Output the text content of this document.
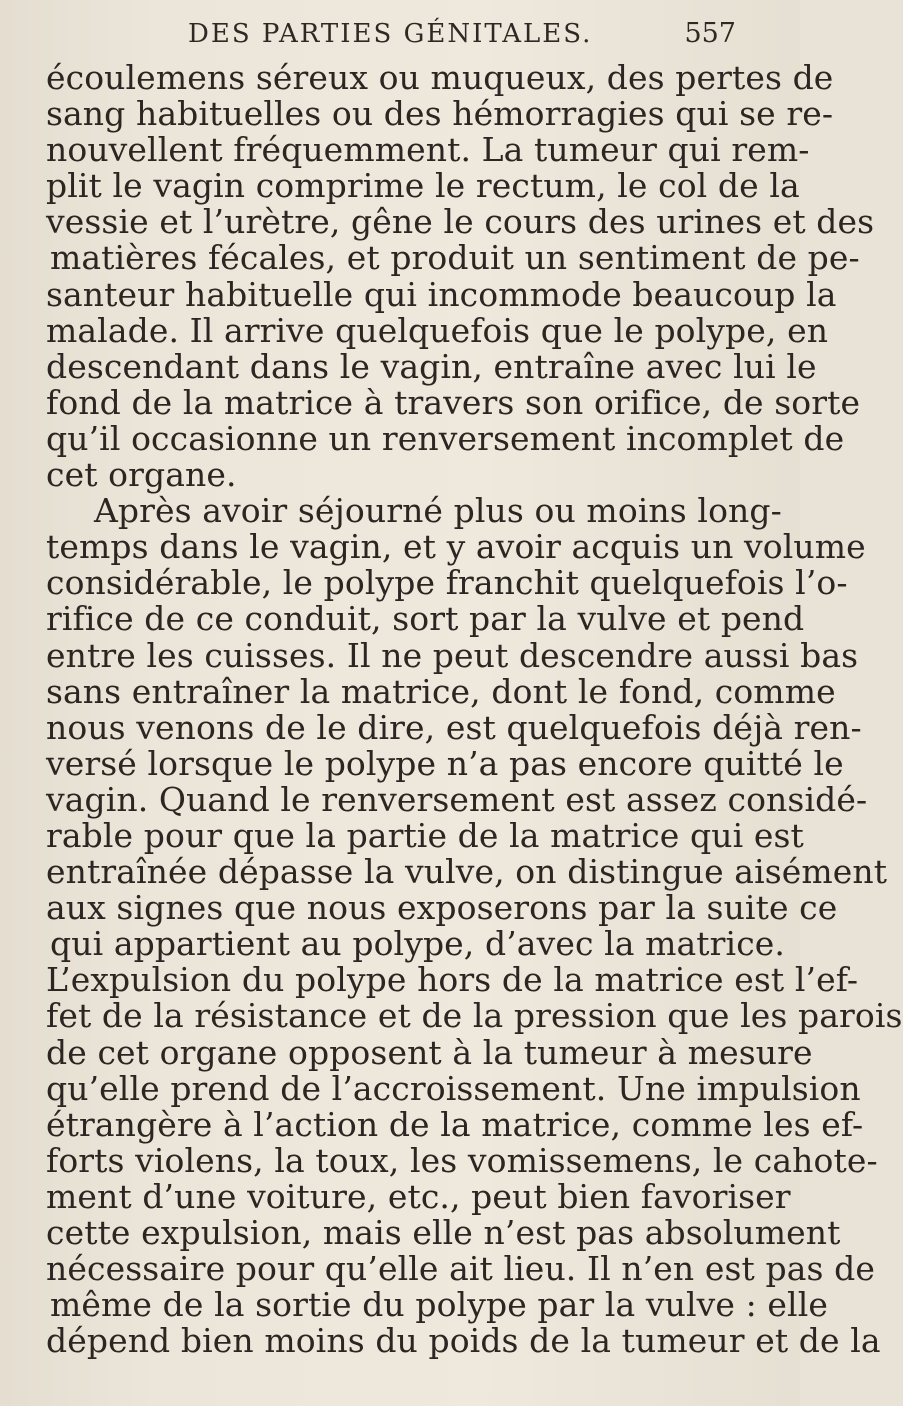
DES PARTIES GÉNITALES.	557
écoulemens séreux ou muqueux, des pertes de
sang habituelles ou des hémorragies qui se re-
nouvellent fréquemment. La tumeur qui rem-
plit le vagin comprime le rectum, le col de la
vessie et l’urètre, gêne le cours des urines et des
matières fécales, et produit un sentiment de pe-
santeur habituelle qui incommode beaucoup la
malade. Il arrive quelquefois que le polype, en
descendant dans le vagin, entraîne avec lui le
fond de la matrice à travers son orifice, de sorte
qu’il occasionne un renversement incomplet de
cet organe.
Après avoir séjourné plus ou moins long-
temps dans le vagin, et y avoir acquis un volume
considérable, le polype franchit quelquefois l’o-
rifice de ce conduit, sort par la vulve et pend
entre les cuisses. Il ne peut descendre aussi bas
sans entraîner la matrice, dont le fond, comme
nous venons de le dire, est quelquefois déjà ren-
versé lorsque le polype n’a pas encore quitté le
vagin. Quand le renversement est assez considé-
rable pour que la partie de la matrice qui est
entraînée dépasse la vulve, on distingue aisément
aux signes que nous exposerons par la suite ce
qui appartient au polype, d’avec la matrice.
L’expulsion du polype hors de la matrice est l’ef-
fet de la résistance et de la pression que les parois
de cet organe opposent à la tumeur à mesure
qu’elle prend de l’accroissement. Une impulsion
étrangère à l’action de la matrice, comme les ef-
forts violens, la toux, les vomissemens, le cahote-
ment d’une voiture, etc., peut bien favoriser
cette expulsion, mais elle n’est pas absolument
nécessaire pour qu’elle ait lieu. Il n’en est pas de
même de la sortie du polype par la vulve : elle
dépend bien moins du poids de la tumeur et de la
